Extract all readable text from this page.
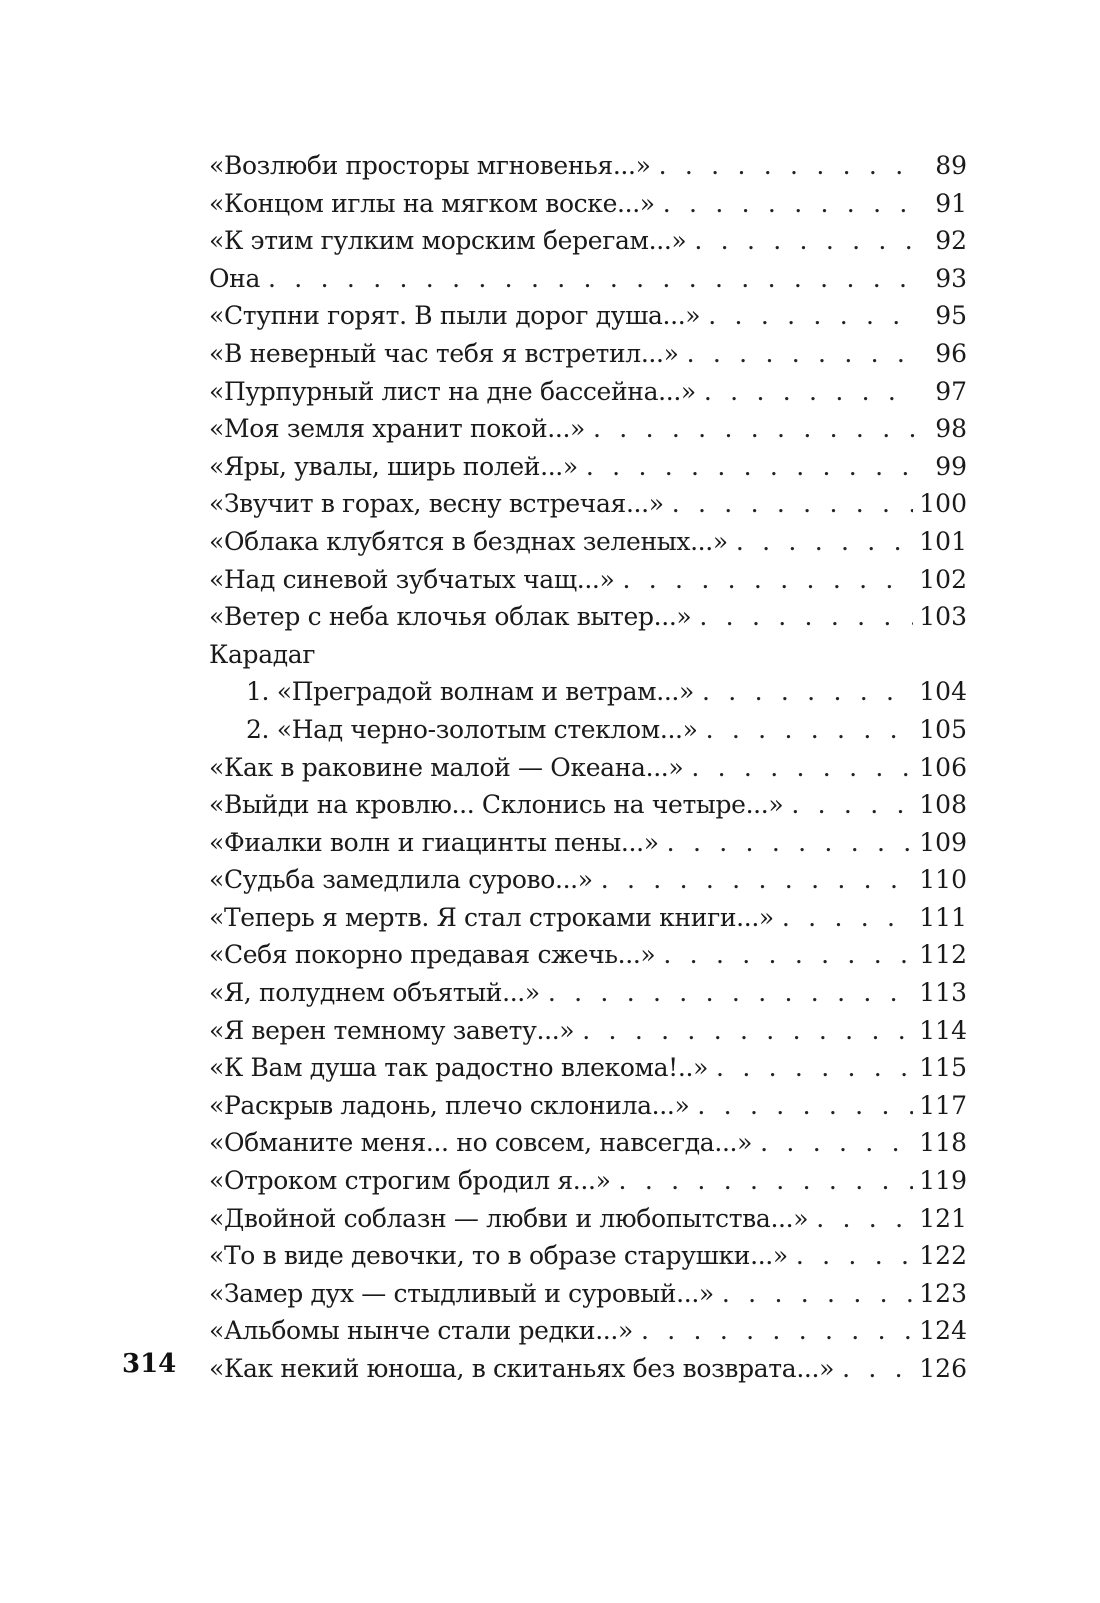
«Возлюби просторы мгновенья...» . . .	89
«Концом иглы на мягком воске...» . . .	91
«К этим гулким морским берегам...» . . .	92
Она . . .	93
«Ступни горят. В пыли дорог душа...» . . .	95
«В неверный час тебя я встретил...» . . .	96
«Пурпурный лист на дне бассейна...» . . .	97
«Моя земля хранит покой...» . . .	98
«Яры, увалы, ширь полей...» . . .	99
«Звучит в горах, весну встречая...» . . .	100
«Облака клубятся в безднах зеленых...» . . .	101
«Над синевой зубчатых чащ...» . . .	102
«Ветер с неба клочья облак вытер...» . . .	103
Карадаг
1. «Преградой волнам и ветрам...» . . .	104
2. «Над черно-золотым стеклом...» . . .	105
«Как в раковине малой — Океана...» . . .	106
«Выйди на кровлю... Склонись на четыре...» . . .	108
«Фиалки волн и гиацинты пены...» . . .	109
«Судьба замедлила сурово...» . . .	110
«Теперь я мертв. Я стал строками книги...» . . .	111
«Себя покорно предавая сжечь...» . . .	112
«Я, полуднем объятый...» . . .	113
«Я верен темному завету...» . . .	114
«К Вам душа так радостно влекома!..» . . .	115
«Раскрыв ладонь, плечо склонила...» . . .	117
«Обманите меня... но совсем, навсегда...» . . .	118
«Отроком строгим бродил я...» . . .	119
«Двойной соблазн — любви и любопытства...» . . .	121
«То в виде девочки, то в образе старушки...» . . .	122
«Замер дух — стыдливый и суровый...» . . .	123
«Альбомы нынче стали редки...» . . .	124
«Как некий юноша, в скитаньях без возврата...» . . .	126
314
